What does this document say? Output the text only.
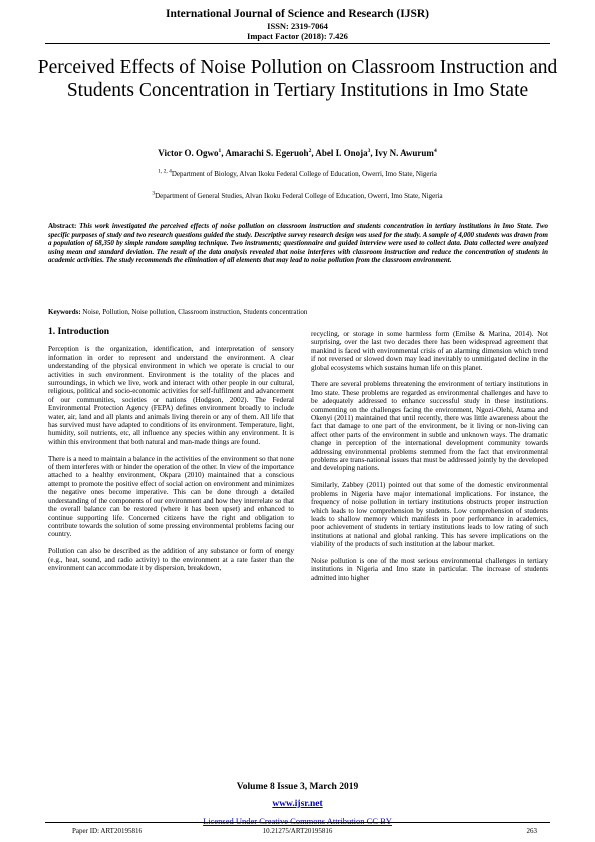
International Journal of Science and Research (IJSR)
ISSN: 2319-7064
Impact Factor (2018): 7.426
Perceived Effects of Noise Pollution on Classroom Instruction and Students Concentration in Tertiary Institutions in Imo State
Victor O. Ogwo$^1$, Amarachi S. Egeruoh$^2$, Abel I. Onoja$^3$, Ivy N. Awurum$^4$
$^{1, 2, 4}$Department of Biology, Alvan Ikoku Federal College of Education, Owerri, Imo State, Nigeria
$^3$Department of General Studies, Alvan Ikoku Federal College of Education, Owerri, Imo State, Nigeria
Abstract: This work investigated the perceived effects of noise pollution on classroom instruction and students concentration in tertiary institutions in Imo State. Two specific purposes of study and two research questions guided the study. Descriptive survey research design was used for the study. A sample of 4,000 students was drawn from a population of 68,350 by simple random sampling technique. Two instruments; questionnaire and guided interview were used to collect data. Data collected were analyzed using mean and standard deviation. The result of the data analysis revealed that noise interferes with classroom instruction and reduce the concentration of students in academic activities. The study recommends the elimination of all elements that may lead to noise pollution from the classroom environment.
Keywords: Noise, Pollution, Noise pollution, Classroom instruction, Students concentration
1. Introduction

Perception is the organization, identification, and interpretation of sensory information in order to represent and understand the environment. A clear understanding of the physical environment in which we operate is crucial to our activities in such environment. Environment is the totality of the places and surroundings, in which we live, work and interact with other people in our cultural, religious, political and socio-economic activities for self-fulfilment and advancement of our communities, societies or nations (Hodgson, 2002). The Federal Environmental Protection Agency (FEPA) defines environment broadly to include water, air, land and all plants and animals living therein or any of them. All life that has survived must have adapted to conditions of its environment. Temperature, light, humidity, soil nutrients, etc, all influence any species within any environment. It is within this environment that both natural and man-made things are found.

There is a need to maintain a balance in the activities of the environment so that none of them interferes with or hinder the operation of the other. In view of the importance attached to a healthy environment, Okpara (2010) maintained that a conscious attempt to promote the positive effect of social action on environment and minimizes the negative ones become imperative. This can be done through a detailed understanding of the components of our environment and how they interrelate so that the overall balance can be restored (where it has been upset) and enhanced to continue supporting life. Concerned citizens have the right and obligation to contribute towards the solution of some pressing environmental problems facing our country.

Pollution can also be described as the addition of any substance or form of energy (e.g., heat, sound, and radio activity) to the environment at a rate faster than the environment can accommodate it by dispersion, breakdown,

recycling, or storage in some harmless form (Emilse & Marina, 2014). Not surprising, over the last two decades there has been widespread agreement that mankind is faced with environmental crisis of an alarming dimension which trend if not reversed or slowed down may lead inevitably to unmitigated decline in the global ecosystems which sustains human life on this planet.

There are several problems threatening the environment of tertiary institutions in Imo state. These problems are regarded as environmental challenges and have to be adequately addressed to enhance successful study in these institutions. commenting on the challenges facing the environment, Ngozi-Olehi, Atama and Okenyi (2011) maintained that until recently, there was little awareness about the fact that damage to one part of the environment, be it living or non-living can affect other parts of the environment in subtle and unknown ways. The dramatic change in perception of the international development community towards addressing environmental problems stemmed from the fact that environmental problems are trans-national issues that must be addressed jointly by the developed and developing nations.

Similarly, Zabbey (2011) pointed out that some of the domestic environmental problems in Nigeria have major international implications. For instance, the frequency of noise pollution in tertiary institutions obstructs proper instruction which leads to low comprehension by students. Low comprehension of students leads to shallow memory which manifests in poor performance in academics, poor achievement of students in tertiary institutions leads to low rating of such institutions at national and global ranking. This has severe implications on the viability of the products of such institution at the labour market.

Noise pollution is one of the most serious environmental challenges in tertiary institutions in Nigeria and Imo state in particular. The increase of students admitted into higher

Volume 8 Issue 3, March 2019
www.ijsr.net
Licensed Under Creative Commons Attribution CC BY
10.21275/ART20195816
Paper ID: ART20195816	263
